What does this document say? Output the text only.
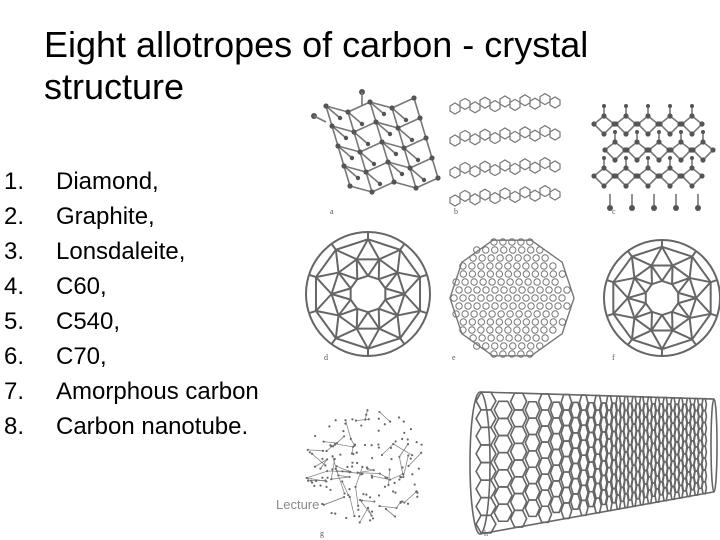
Eight allotropes of carbon - crystal structure
1.	Diamond,
2.	Graphite,
3.	Lonsdaleite,
4.	C60,
5.	C540,
6.	C70,
7.	Amorphous carbon
8.	Carbon nanotube.
Lecture
a	b	c
d	e	f
g	h
